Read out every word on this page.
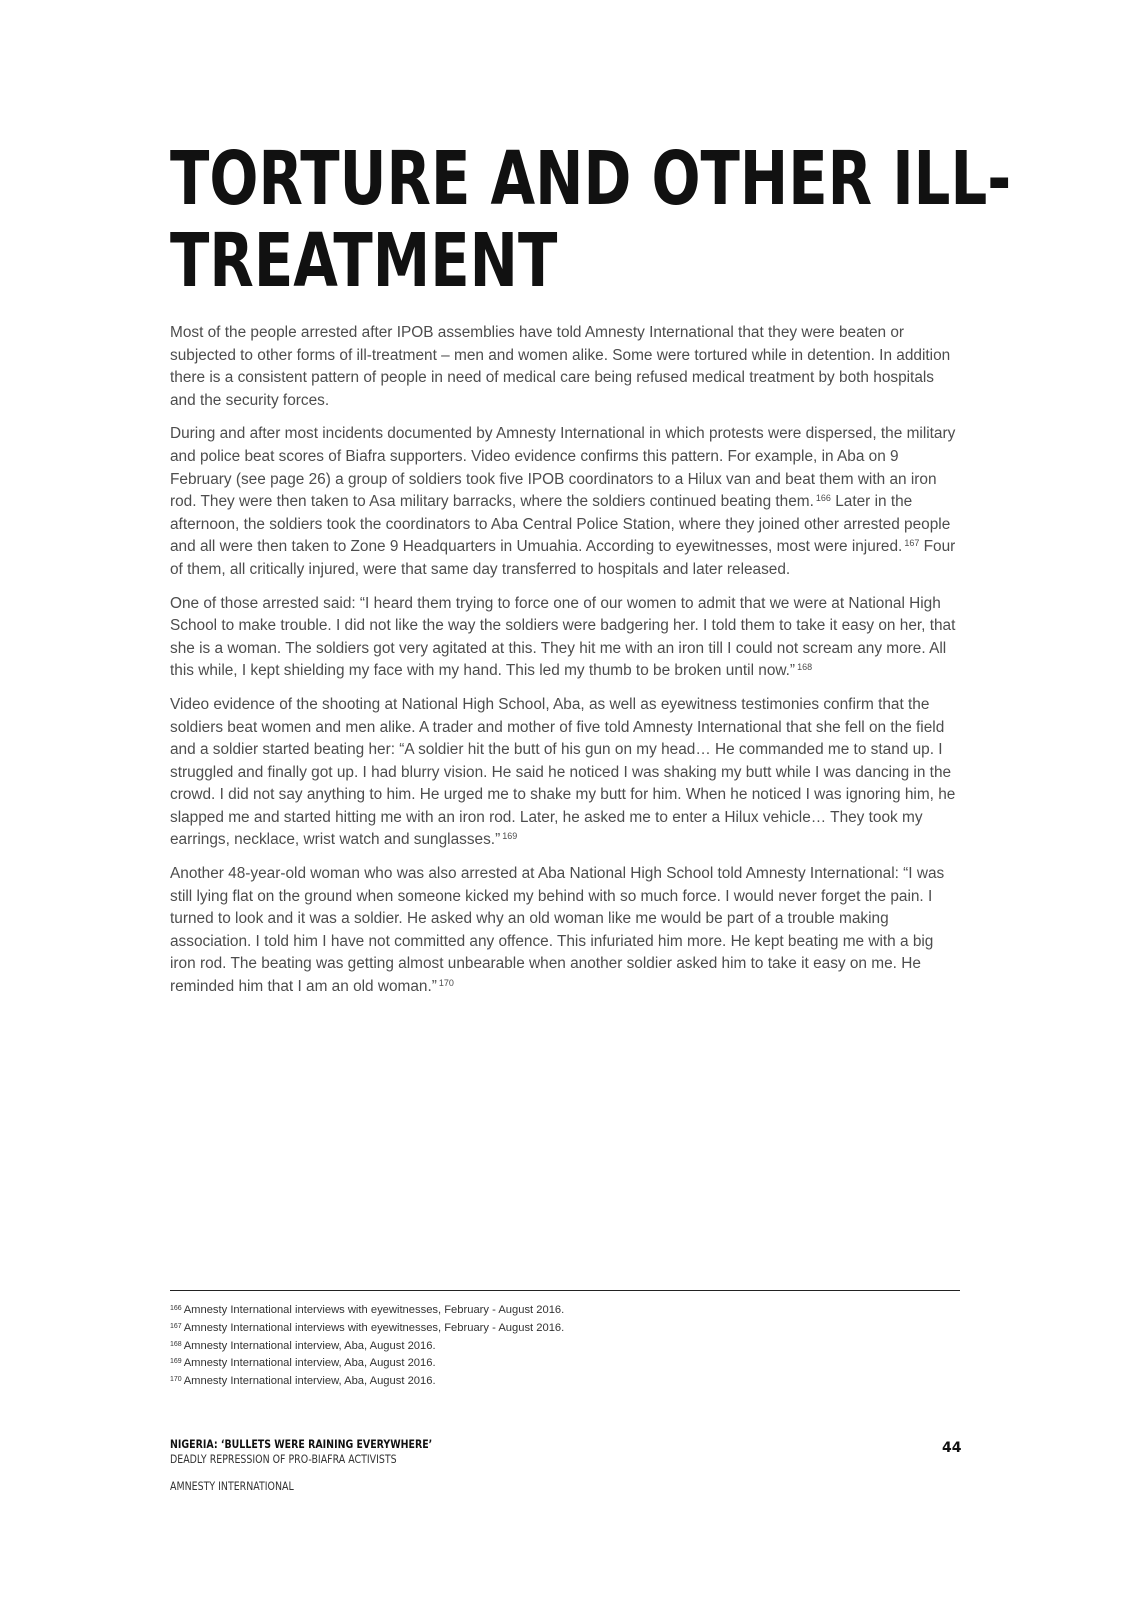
TORTURE AND OTHER ILL-
TREATMENT

Most of the people arrested after IPOB assemblies have told Amnesty International that they were beaten or subjected to other forms of ill-treatment – men and women alike. Some were tortured while in detention. In addition there is a consistent pattern of people in need of medical care being refused medical treatment by both hospitals and the security forces.

During and after most incidents documented by Amnesty International in which protests were dispersed, the military and police beat scores of Biafra supporters. Video evidence confirms this pattern. For example, in Aba on 9 February (see page 26) a group of soldiers took five IPOB coordinators to a Hilux van and beat them with an iron rod. They were then taken to Asa military barracks, where the soldiers continued beating them. $^{166}$ Later in the afternoon, the soldiers took the coordinators to Aba Central Police Station, where they joined other arrested people and all were then taken to Zone 9 Headquarters in Umuahia. According to eyewitnesses, most were injured. $^{167}$ Four of them, all critically injured, were that same day transferred to hospitals and later released.

One of those arrested said: “I heard them trying to force one of our women to admit that we were at National High School to make trouble. I did not like the way the soldiers were badgering her. I told them to take it easy on her, that she is a woman. The soldiers got very agitated at this. They hit me with an iron till I could not scream any more. All this while, I kept shielding my face with my hand. This led my thumb to be broken until now.” $^{168}$

Video evidence of the shooting at National High School, Aba, as well as eyewitness testimonies confirm that the soldiers beat women and men alike. A trader and mother of five told Amnesty International that she fell on the field and a soldier started beating her: “A soldier hit the butt of his gun on my head… He commanded me to stand up. I struggled and finally got up. I had blurry vision. He said he noticed I was shaking my butt while I was dancing in the crowd. I did not say anything to him. He urged me to shake my butt for him. When he noticed I was ignoring him, he slapped me and started hitting me with an iron rod. Later, he asked me to enter a Hilux vehicle… They took my earrings, necklace, wrist watch and sunglasses.” $^{169}$

Another 48-year-old woman who was also arrested at Aba National High School told Amnesty International: “I was still lying flat on the ground when someone kicked my behind with so much force. I would never forget the pain. I turned to look and it was a soldier. He asked why an old woman like me would be part of a trouble making association. I told him I have not committed any offence. This infuriated him more. He kept beating me with a big iron rod. The beating was getting almost unbearable when another soldier asked him to take it easy on me. He reminded him that I am an old woman.” $^{170}$

$^{166}$ Amnesty International interviews with eyewitnesses, February - August 2016.
$^{167}$ Amnesty International interviews with eyewitnesses, February - August 2016.
$^{168}$ Amnesty International interview, Aba, August 2016.
$^{169}$ Amnesty International interview, Aba, August 2016.
$^{170}$ Amnesty International interview, Aba, August 2016.
NIGERIA: ‘BULLETS WERE RAINING EVERYWHERE’
DEADLY REPRESSION OF PRO-BIAFRA ACTIVISTS
AMNESTY INTERNATIONAL
44
